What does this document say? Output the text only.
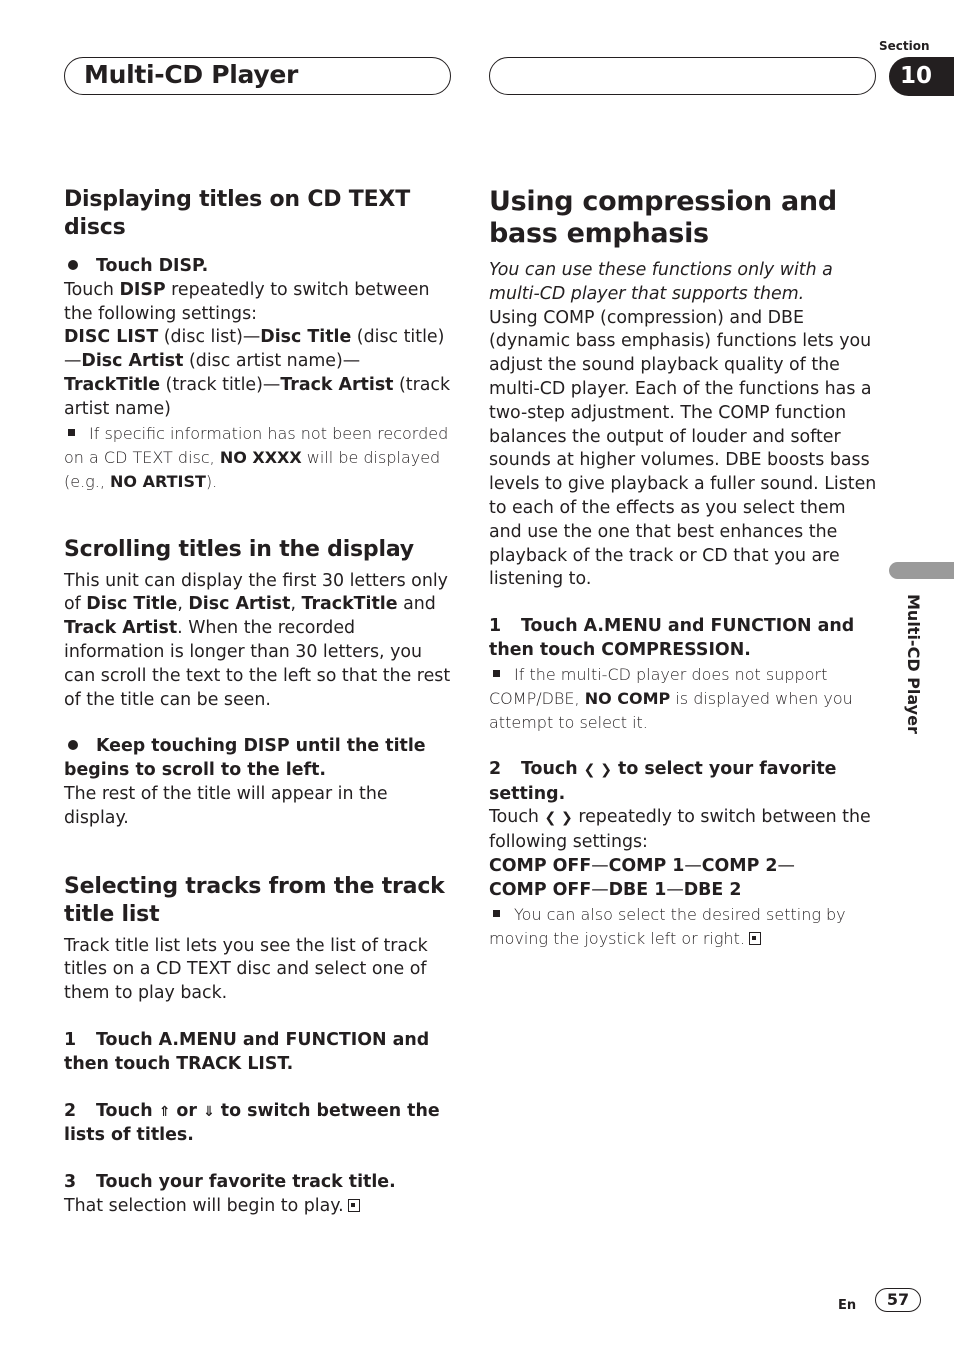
Multi-CD Player
Section
10
Multi-CD Player
Displaying titles on CD TEXT discs
Touch DISP.
Touch DISP repeatedly to switch between the following settings:
DISC LIST (disc list)—Disc Title (disc title) —Disc Artist (disc artist name)—TrackTitle (track title)—Track Artist (track artist name)
If specific information has not been recorded on a CD TEXT disc, NO XXXX will be displayed (e.g., NO ARTIST).
Scrolling titles in the display
This unit can display the first 30 letters only of Disc Title, Disc Artist, TrackTitle and Track Artist. When the recorded information is longer than 30 letters, you can scroll the text to the left so that the rest of the title can be seen.
Keep touching DISP until the title begins to scroll to the left.
The rest of the title will appear in the display.
Selecting tracks from the track title list
Track title list lets you see the list of track titles on a CD TEXT disc and select one of them to play back.
1 Touch A.MENU and FUNCTION and then touch TRACK LIST.
2 Touch ⇑ or ⇓ to switch between the lists of titles.
3 Touch your favorite track title.
That selection will begin to play.
Using compression and bass emphasis
You can use these functions only with a multi-CD player that supports them.
Using COMP (compression) and DBE (dynamic bass emphasis) functions lets you adjust the sound playback quality of the multi-CD player. Each of the functions has a two-step adjustment. The COMP function balances the output of louder and softer sounds at higher volumes. DBE boosts bass levels to give playback a fuller sound. Listen to each of the effects as you select them and use the one that best enhances the playback of the track or CD that you are listening to.
1 Touch A.MENU and FUNCTION and then touch COMPRESSION.
If the multi-CD player does not support COMP/DBE, NO COMP is displayed when you attempt to select it.
2 Touch ❮ ❯ to select your favorite setting.
Touch ❮ ❯ repeatedly to switch between the following settings:
COMP OFF—COMP 1—COMP 2—
COMP OFF—DBE 1—DBE 2
You can also select the desired setting by moving the joystick left or right.
En	57
